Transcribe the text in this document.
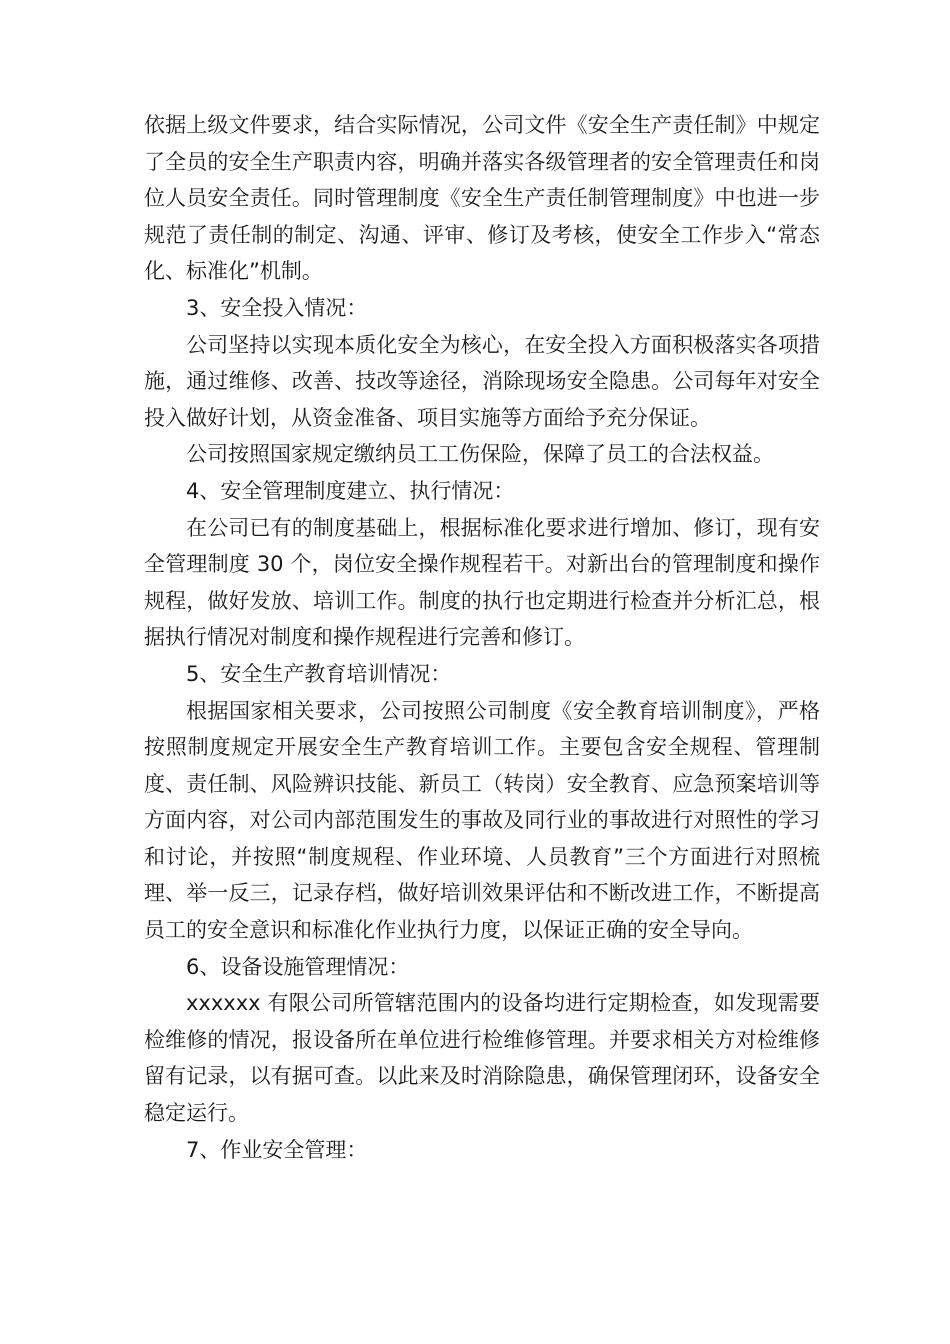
依据上级文件要求，结合实际情况，公司文件《安全生产责任制》中规定了全员的安全生产职责内容，明确并落实各级管理者的安全管理责任和岗位人员安全责任。同时管理制度《安全生产责任制管理制度》中也进一步规范了责任制的制定、沟通、评审、修订及考核，使安全工作步入“常态化、标准化”机制。

3、安全投入情况：

公司坚持以实现本质化安全为核心，在安全投入方面积极落实各项措施，通过维修、改善、技改等途径，消除现场安全隐患。公司每年对安全投入做好计划，从资金准备、项目实施等方面给予充分保证。

公司按照国家规定缴纳员工工伤保险，保障了员工的合法权益。

4、安全管理制度建立、执行情况：

在公司已有的制度基础上，根据标准化要求进行增加、修订，现有安全管理制度 30 个，岗位安全操作规程若干。对新出台的管理制度和操作规程，做好发放、培训工作。制度的执行也定期进行检查并分析汇总，根据执行情况对制度和操作规程进行完善和修订。

5、安全生产教育培训情况：

根据国家相关要求，公司按照公司制度《安全教育培训制度》，严格按照制度规定开展安全生产教育培训工作。主要包含安全规程、管理制度、责任制、风险辨识技能、新员工（转岗）安全教育、应急预案培训等方面内容，对公司内部范围发生的事故及同行业的事故进行对照性的学习和讨论，并按照“制度规程、作业环境、人员教育”三个方面进行对照梳理、举一反三，记录存档，做好培训效果评估和不断改进工作，不断提高员工的安全意识和标准化作业执行力度，以保证正确的安全导向。

6、设备设施管理情况：

xxxxxx 有限公司所管辖范围内的设备均进行定期检查，如发现需要检维修的情况，报设备所在单位进行检维修管理。并要求相关方对检维修留有记录，以有据可查。以此来及时消除隐患，确保管理闭环，设备安全稳定运行。

7、作业安全管理：
